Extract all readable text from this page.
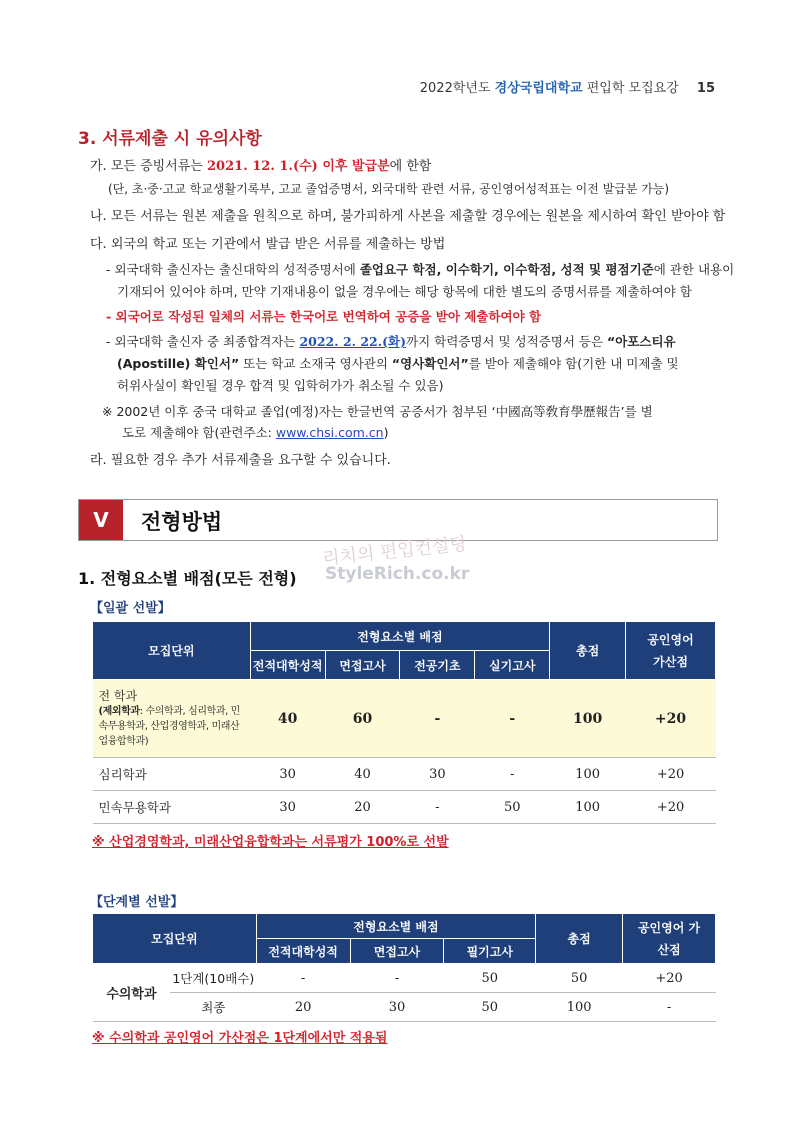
2022학년도 경상국립대학교 편입학 모집요강 15
3. 서류제출 시 유의사항
가. 모든 증빙서류는 2021. 12. 1.(수) 이후 발급분에 한함
(단, 초·중·고교 학교생활기록부, 고교 졸업증명서, 외국대학 관련 서류, 공인영어성적표는 이전 발급분 가능)
나. 모든 서류는 원본 제출을 원칙으로 하며, 불가피하게 사본을 제출할 경우에는 원본을 제시하여 확인 받아야 함
다. 외국의 학교 또는 기관에서 발급 받은 서류를 제출하는 방법
- 외국대학 출신자는 출신대학의 성적증명서에 졸업요구 학점, 이수학기, 이수학점, 성적 및 평점기준에 관한 내용이
기재되어 있어야 하며, 만약 기재내용이 없을 경우에는 해당 항목에 대한 별도의 증명서류를 제출하여야 함
- 외국어로 작성된 일체의 서류는 한국어로 번역하여 공증을 받아 제출하여야 함
- 외국대학 출신자 중 최종합격자는 2022. 2. 22.(화)까지 학력증명서 및 성적증명서 등은 “아포스티유
(Apostille) 확인서” 또는 학교 소재국 영사관의 “영사확인서”를 받아 제출해야 함(기한 내 미제출 및
허위사실이 확인될 경우 합격 및 입학허가가 취소될 수 있음)
※ 2002년 이후 중국 대학교 졸업(예정)자는 한글번역 공증서가 첨부된 ‘中國高等敎育學歷報告’를 별
도로 제출해야 함(관련주소: www.chsi.com.cn)
라. 필요한 경우 추가 서류제출을 요구할 수 있습니다.
V	전형방법
리치의 편입컨설팅
StyleRich.co.kr
1. 전형요소별 배점(모든 전형)
【일괄 선발】
모집단위	전형요소별 배점				총점	공인영어 가산점
	전적대학성적	면접고사	전공기초	실기고사		

전 학과
(제외학과: 수의학과, 심리학과, 민속무용학과, 산업경영학과, 미래산업융합학과)	40	60	-	-	100	+20
심리학과	30	40	30	-	100	+20
민속무용학과	30	20	-	50	100	+20
※ 산업경영학과, 미래산업융합학과는 서류평가 100%로 선발
【단계별 선발】
모집단위		전형요소별 배점			총점	공인영어 가산점
		전적대학성적	면접고사	필기고사		
수의학과	1단계(10배수)	-	-	50	50	+20
	최종	20	30	50	100	-
※ 수의학과 공인영어 가산점은 1단계에서만 적용됨
